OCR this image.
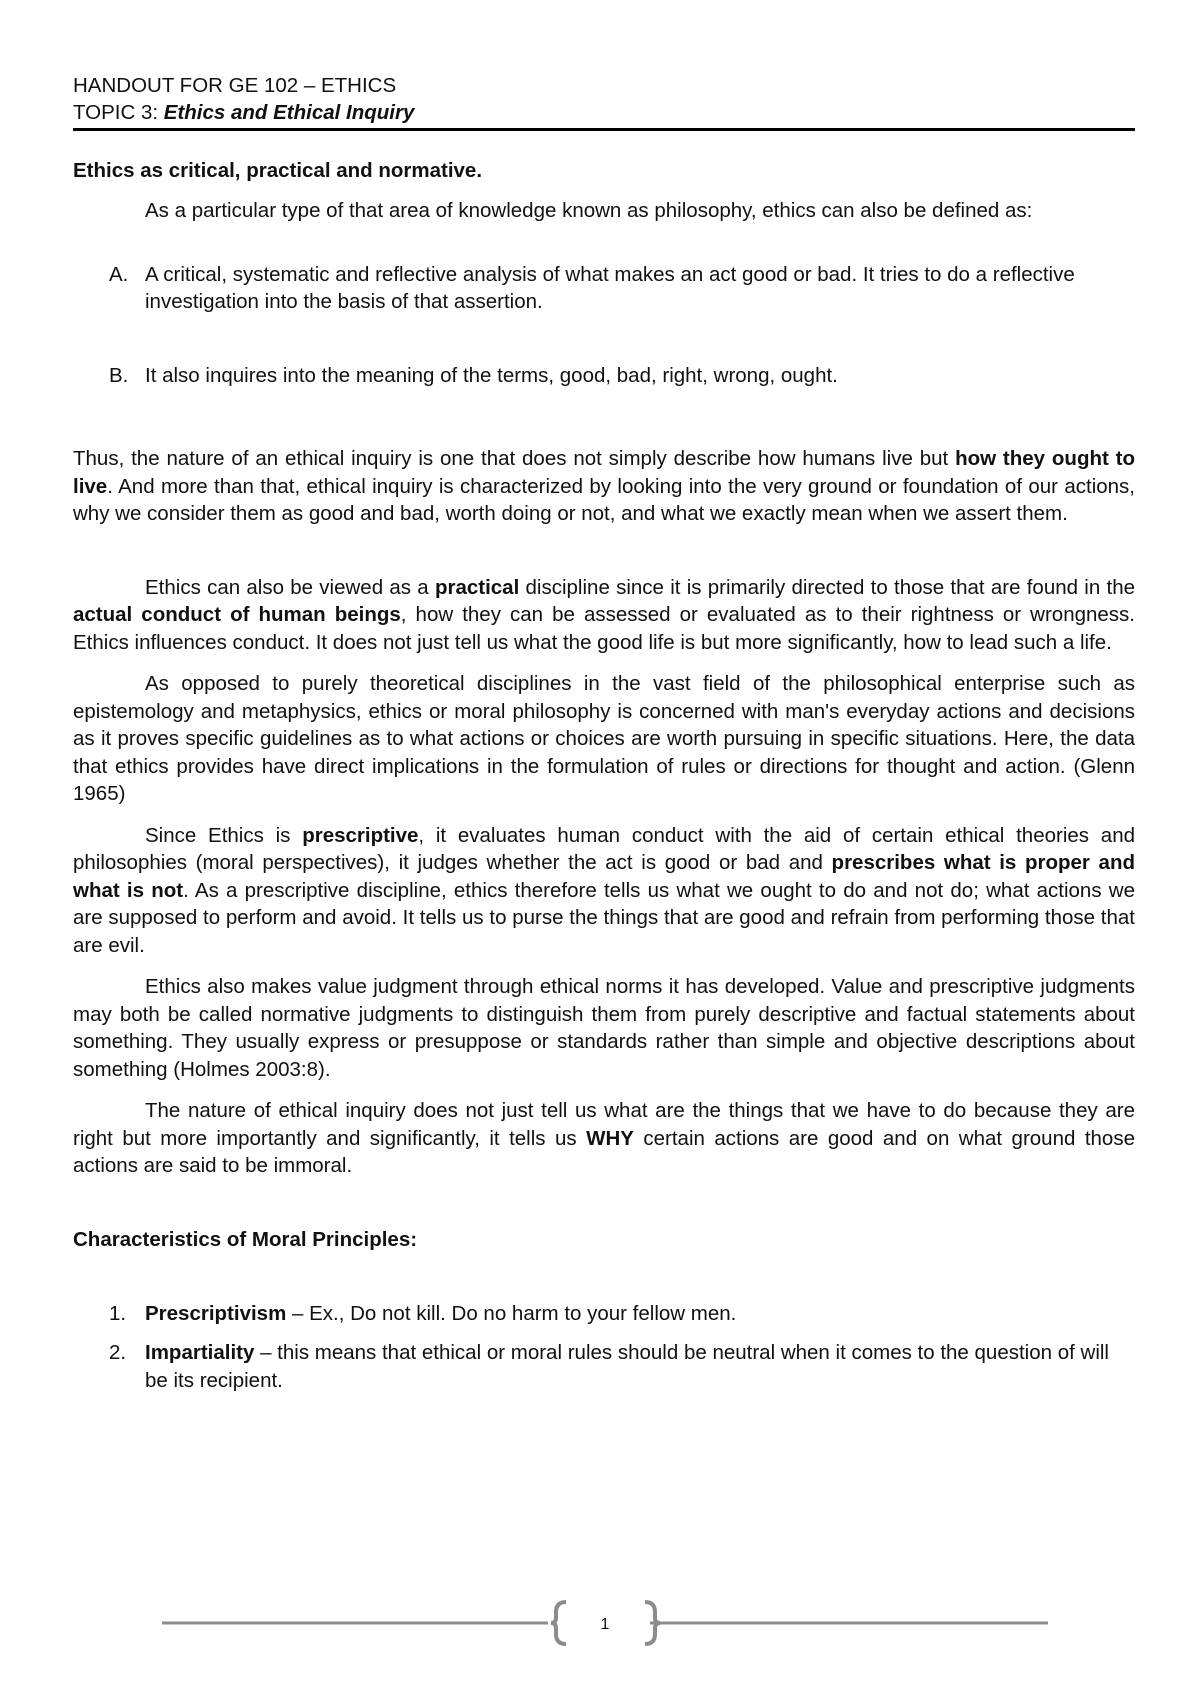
HANDOUT FOR GE 102 – ETHICS
TOPIC 3: Ethics and Ethical Inquiry
Ethics as critical, practical and normative.

As a particular type of that area of knowledge known as philosophy, ethics can also be defined as:

A. A critical, systematic and reflective analysis of what makes an act good or bad. It tries to do a reflective investigation into the basis of that assertion.
B. It also inquires into the meaning of the terms, good, bad, right, wrong, ought.

Thus, the nature of an ethical inquiry is one that does not simply describe how humans live but how they ought to live. And more than that, ethical inquiry is characterized by looking into the very ground or foundation of our actions, why we consider them as good and bad, worth doing or not, and what we exactly mean when we assert them.

Ethics can also be viewed as a practical discipline since it is primarily directed to those that are found in the actual conduct of human beings, how they can be assessed or evaluated as to their rightness or wrongness. Ethics influences conduct. It does not just tell us what the good life is but more significantly, how to lead such a life.

As opposed to purely theoretical disciplines in the vast field of the philosophical enterprise such as epistemology and metaphysics, ethics or moral philosophy is concerned with man's everyday actions and decisions as it proves specific guidelines as to what actions or choices are worth pursuing in specific situations. Here, the data that ethics provides have direct implications in the formulation of rules or directions for thought and action. (Glenn 1965)

Since Ethics is prescriptive, it evaluates human conduct with the aid of certain ethical theories and philosophies (moral perspectives), it judges whether the act is good or bad and prescribes what is proper and what is not. As a prescriptive discipline, ethics therefore tells us what we ought to do and not do; what actions we are supposed to perform and avoid. It tells us to purse the things that are good and refrain from performing those that are evil.

Ethics also makes value judgment through ethical norms it has developed. Value and prescriptive judgments may both be called normative judgments to distinguish them from purely descriptive and factual statements about something. They usually express or presuppose or standards rather than simple and objective descriptions about something (Holmes 2003:8).

The nature of ethical inquiry does not just tell us what are the things that we have to do because they are right but more importantly and significantly, it tells us WHY certain actions are good and on what ground those actions are said to be immoral.

Characteristics of Moral Principles:
1. Prescriptivism – Ex., Do not kill. Do no harm to your fellow men.
2. Impartiality – this means that ethical or moral rules should be neutral when it comes to the question of will be its recipient.
1
